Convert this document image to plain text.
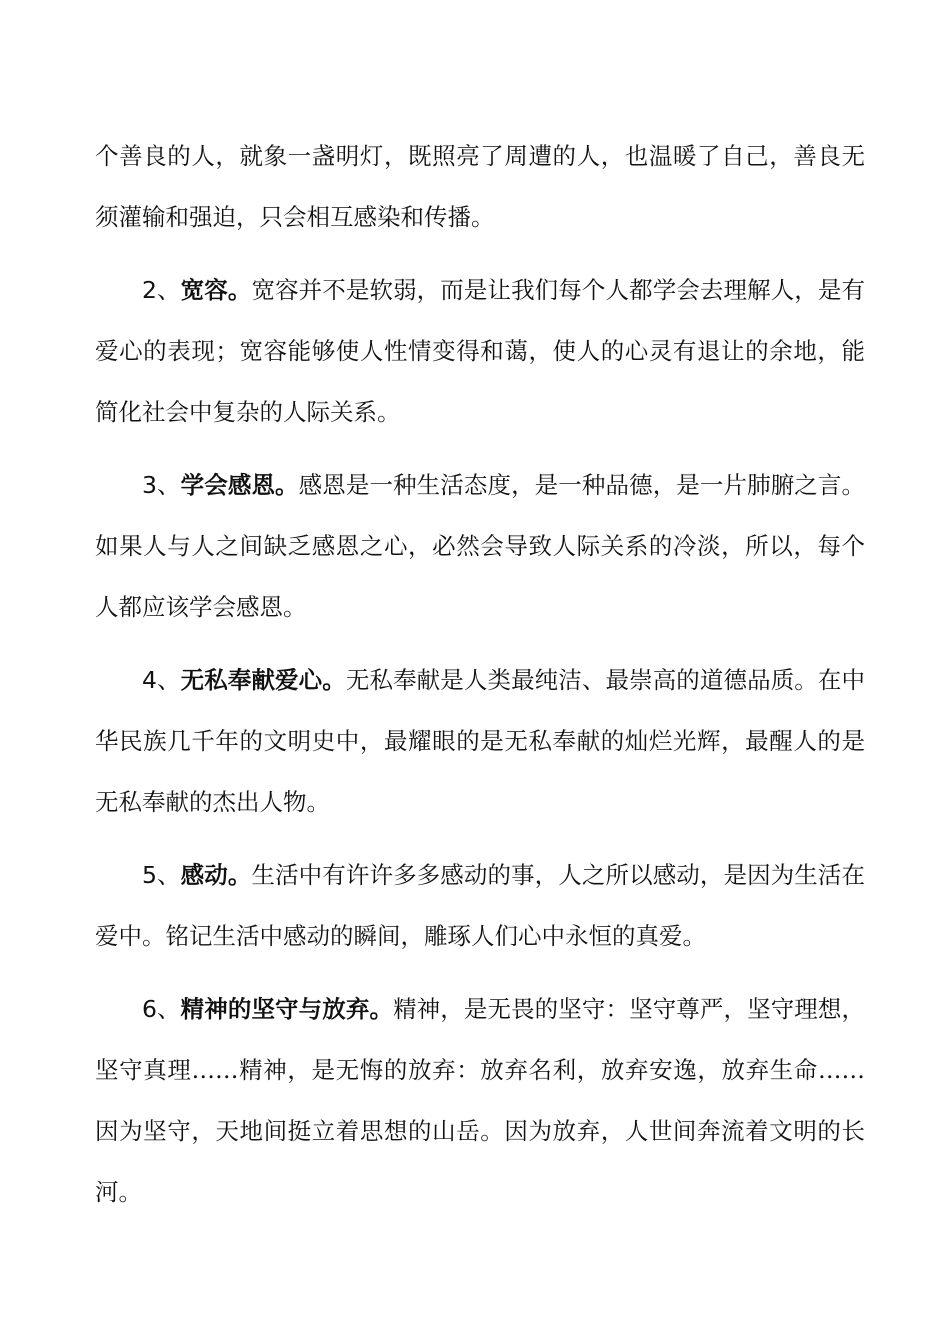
个善良的人，就象一盏明灯，既照亮了周遭的人，也温暖了自己，善良无须灌输和强迫，只会相互感染和传播。

2、宽容。宽容并不是软弱，而是让我们每个人都学会去理解人，是有爱心的表现；宽容能够使人性情变得和蔼，使人的心灵有退让的余地，能简化社会中复杂的人际关系。

3、学会感恩。感恩是一种生活态度，是一种品德，是一片肺腑之言。如果人与人之间缺乏感恩之心，必然会导致人际关系的冷淡，所以，每个人都应该学会感恩。

4、无私奉献爱心。无私奉献是人类最纯洁、最崇高的道德品质。在中华民族几千年的文明史中，最耀眼的是无私奉献的灿烂光辉，最醒人的是无私奉献的杰出人物。

5、感动。生活中有许许多多感动的事，人之所以感动，是因为生活在爱中。铭记生活中感动的瞬间，雕琢人们心中永恒的真爱。

6、精神的坚守与放弃。精神，是无畏的坚守：坚守尊严，坚守理想，坚守真理……精神，是无悔的放弃：放弃名利，放弃安逸，放弃生命……因为坚守，天地间挺立着思想的山岳。因为放弃，人世间奔流着文明的长河。
